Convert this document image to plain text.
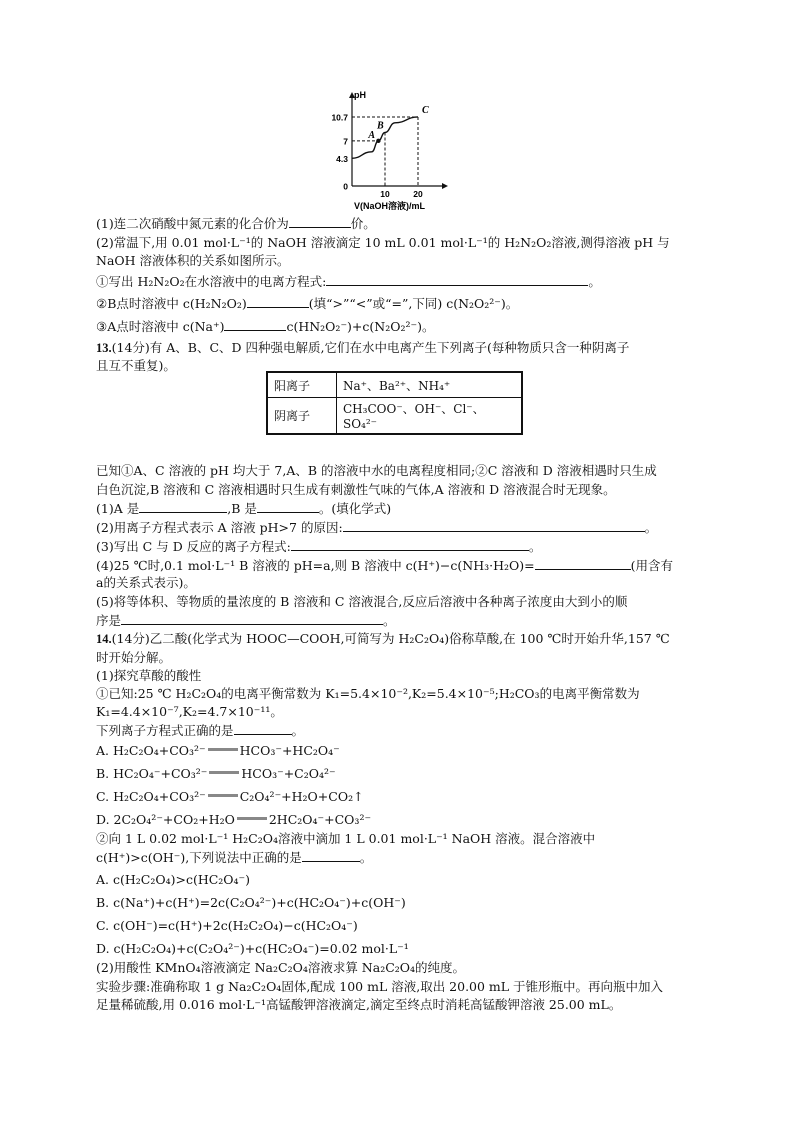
A
B
C
10.7
7
4.3
0
10	20
pH
V(NaOH溶液)/mL
(1)连二次硝酸中氮元素的化合价为	价。
(2)常温下,用 0.01 mol·L⁻¹的 NaOH 溶液滴定 10 mL 0.01 mol·L⁻¹的 H₂N₂O₂溶液,测得溶液 pH 与
NaOH 溶液体积的关系如图所示。
①写出 H₂N₂O₂在水溶液中的电离方程式:	。
②B点时溶液中 c(H₂N₂O₂)	(填“>”“<”或“=”,下同) c(N₂O₂²⁻)。
③A点时溶液中 c(Na⁺)	c(HN₂O₂⁻)+c(N₂O₂²⁻)。
13.(14分)有 A、B、C、D 四种强电解质,它们在水中电离产生下列离子(每种物质只含一种阴离子
且互不重复)。
阳离子	Na⁺、Ba²⁺、NH₄⁺
阴离子	CH₃COO⁻、OH⁻、Cl⁻、SO₄²⁻
已知①A、C 溶液的 pH 均大于 7,A、B 的溶液中水的电离程度相同;②C 溶液和 D 溶液相遇时只生成
白色沉淀,B 溶液和 C 溶液相遇时只生成有刺激性气味的气体,A 溶液和 D 溶液混合时无现象。
(1)A 是	,B 是	。(填化学式)
(2)用离子方程式表示 A 溶液 pH>7 的原因:	。
(3)写出 C 与 D 反应的离子方程式:	。
(4)25 ℃时,0.1 mol·L⁻¹ B 溶液的 pH=a,则 B 溶液中 c(H⁺)−c(NH₃·H₂O)=	(用含有
a的关系式表示)。
(5)将等体积、等物质的量浓度的 B 溶液和 C 溶液混合,反应后溶液中各种离子浓度由大到小的顺
序是	。
14.(14分)乙二酸(化学式为 HOOC—COOH,可简写为 H₂C₂O₄)俗称草酸,在 100 ℃时开始升华,157 ℃
时开始分解。
(1)探究草酸的酸性
①已知:25 ℃ H₂C₂O₄的电离平衡常数为 K₁=5.4×10⁻²,K₂=5.4×10⁻⁵;H₂CO₃的电离平衡常数为
K₁=4.4×10⁻⁷,K₂=4.7×10⁻¹¹。
下列离子方程式正确的是	。
A. H₂C₂O₄+CO₃²⁻	HCO₃⁻+HC₂O₄⁻
B. HC₂O₄⁻+CO₃²⁻	HCO₃⁻+C₂O₄²⁻
C. H₂C₂O₄+CO₃²⁻	C₂O₄²⁻+H₂O+CO₂↑
D. 2C₂O₄²⁻+CO₂+H₂O	2HC₂O₄⁻+CO₃²⁻
②向 1 L 0.02 mol·L⁻¹ H₂C₂O₄溶液中滴加 1 L 0.01 mol·L⁻¹ NaOH 溶液。混合溶液中
c(H⁺)>c(OH⁻),下列说法中正确的是	。
A. c(H₂C₂O₄)>c(HC₂O₄⁻)
B. c(Na⁺)+c(H⁺)=2c(C₂O₄²⁻)+c(HC₂O₄⁻)+c(OH⁻)
C. c(OH⁻)=c(H⁺)+2c(H₂C₂O₄)−c(HC₂O₄⁻)
D. c(H₂C₂O₄)+c(C₂O₄²⁻)+c(HC₂O₄⁻)=0.02 mol·L⁻¹
(2)用酸性 KMnO₄溶液滴定 Na₂C₂O₄溶液求算 Na₂C₂O₄的纯度。
实验步骤:准确称取 1 g Na₂C₂O₄固体,配成 100 mL 溶液,取出 20.00 mL 于锥形瓶中。再向瓶中加入
足量稀硫酸,用 0.016 mol·L⁻¹高锰酸钾溶液滴定,滴定至终点时消耗高锰酸钾溶液 25.00 mL。
